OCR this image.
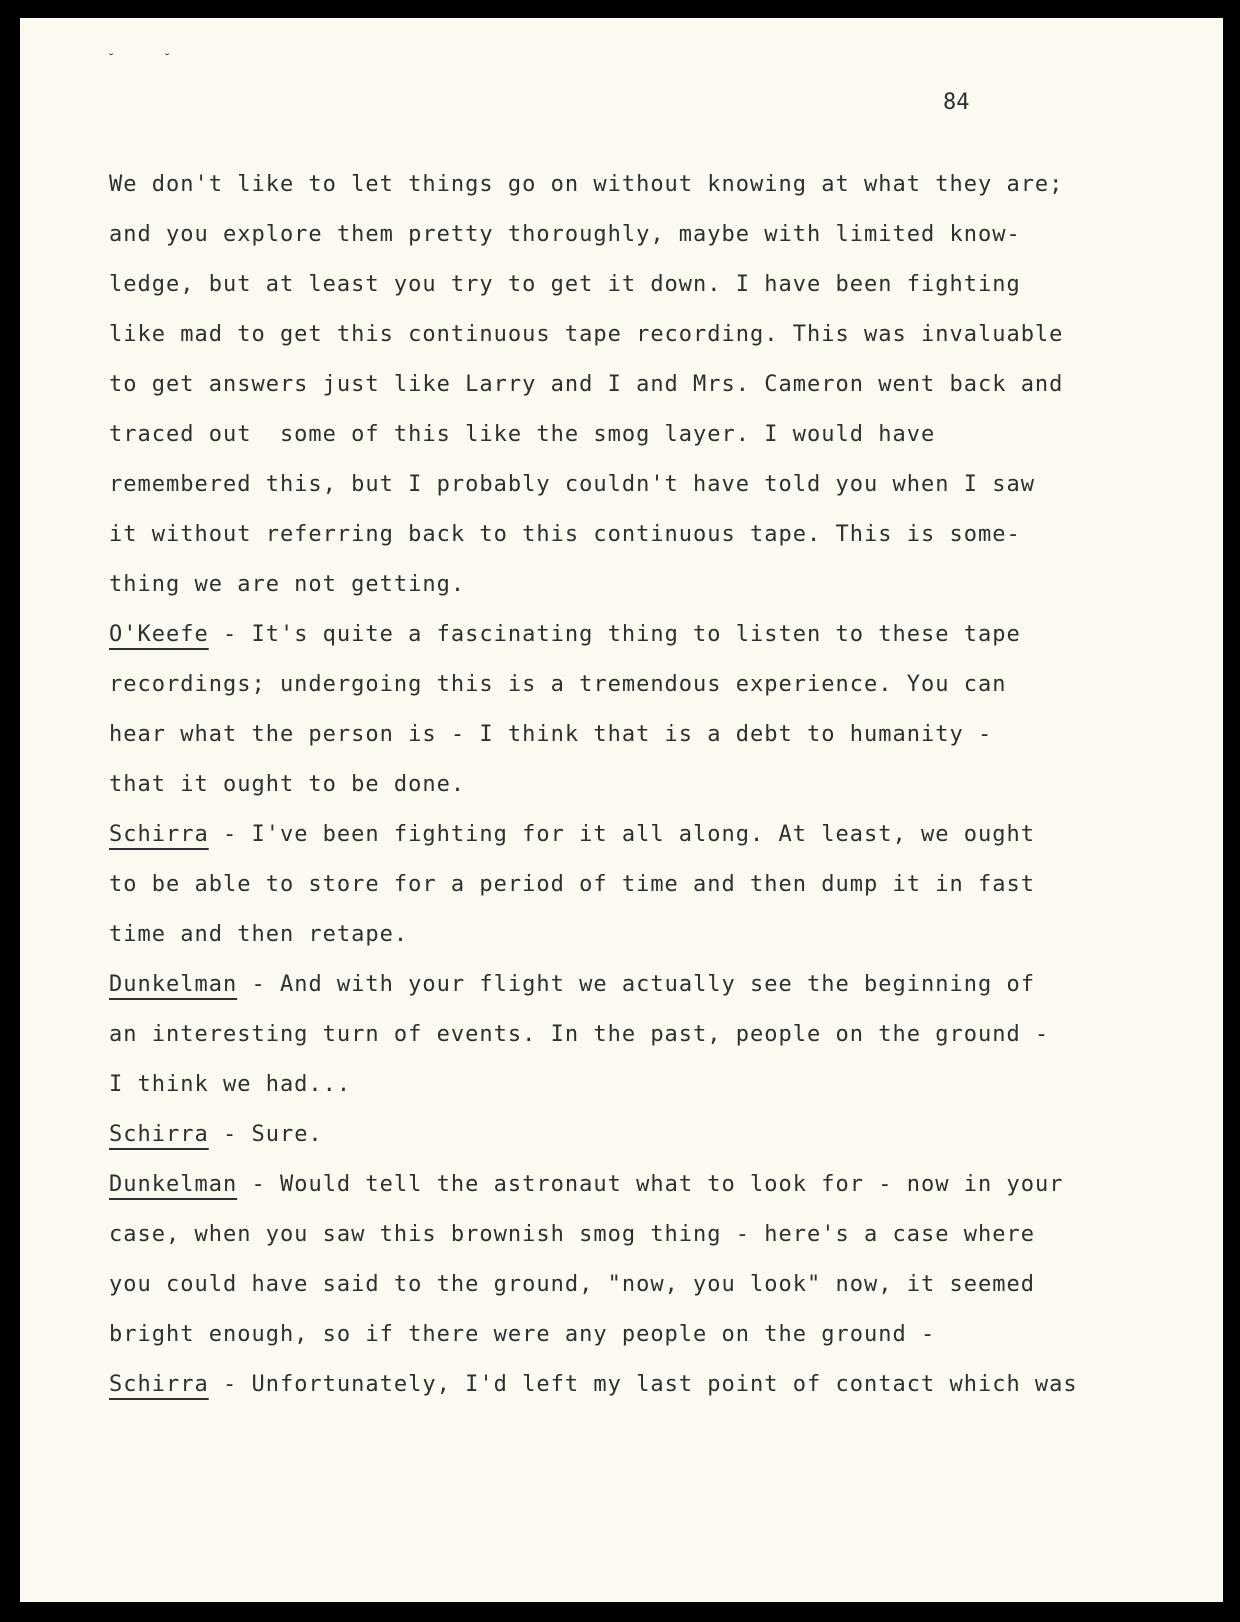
˘˘
84
We don't like to let things go on without knowing at what they are;
and you explore them pretty thoroughly, maybe with limited know-
ledge, but at least you try to get it down. I have been fighting
like mad to get this continuous tape recording. This was invaluable
to get answers just like Larry and I and Mrs. Cameron went back and
traced out  some of this like the smog layer. I would have
remembered this, but I probably couldn't have told you when I saw
it without referring back to this continuous tape. This is some-
thing we are not getting.
O'Keefe - It's quite a fascinating thing to listen to these tape
recordings; undergoing this is a tremendous experience. You can
hear what the person is - I think that is a debt to humanity -
that it ought to be done.
Schirra - I've been fighting for it all along. At least, we ought
to be able to store for a period of time and then dump it in fast
time and then retape.
Dunkelman - And with your flight we actually see the beginning of
an interesting turn of events. In the past, people on the ground -
I think we had...
Schirra - Sure.
Dunkelman - Would tell the astronaut what to look for - now in your
case, when you saw this brownish smog thing - here's a case where
you could have said to the ground, "now, you look" now, it seemed
bright enough, so if there were any people on the ground -
Schirra - Unfortunately, I'd left my last point of contact which was
